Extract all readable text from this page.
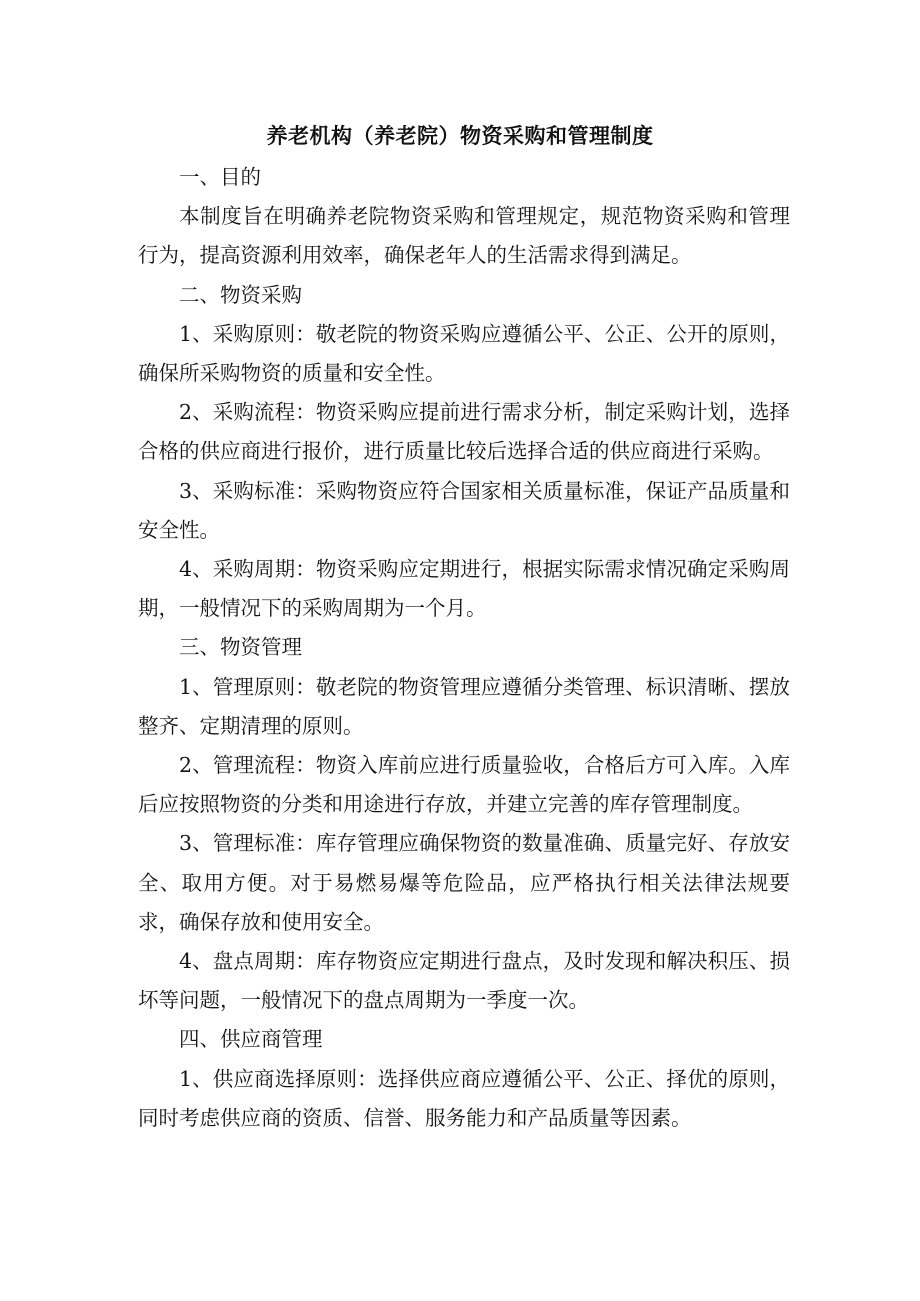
养老机构（养老院）物资采购和管理制度

一、目的

本制度旨在明确养老院物资采购和管理规定，规范物资采购和管理行为，提高资源利用效率，确保老年人的生活需求得到满足。

二、物资采购

1、采购原则：敬老院的物资采购应遵循公平、公正、公开的原则，确保所采购物资的质量和安全性。

2、采购流程：物资采购应提前进行需求分析，制定采购计划，选择合格的供应商进行报价，进行质量比较后选择合适的供应商进行采购。

3、采购标准：采购物资应符合国家相关质量标准，保证产品质量和安全性。

4、采购周期：物资采购应定期进行，根据实际需求情况确定采购周期，一般情况下的采购周期为一个月。

三、物资管理

1、管理原则：敬老院的物资管理应遵循分类管理、标识清晰、摆放整齐、定期清理的原则。

2、管理流程：物资入库前应进行质量验收，合格后方可入库。入库后应按照物资的分类和用途进行存放，并建立完善的库存管理制度。

3、管理标准：库存管理应确保物资的数量准确、质量完好、存放安全、取用方便。对于易燃易爆等危险品，应严格执行相关法律法规要求，确保存放和使用安全。

4、盘点周期：库存物资应定期进行盘点，及时发现和解决积压、损坏等问题，一般情况下的盘点周期为一季度一次。

四、供应商管理

1、供应商选择原则：选择供应商应遵循公平、公正、择优的原则，同时考虑供应商的资质、信誉、服务能力和产品质量等因素。
